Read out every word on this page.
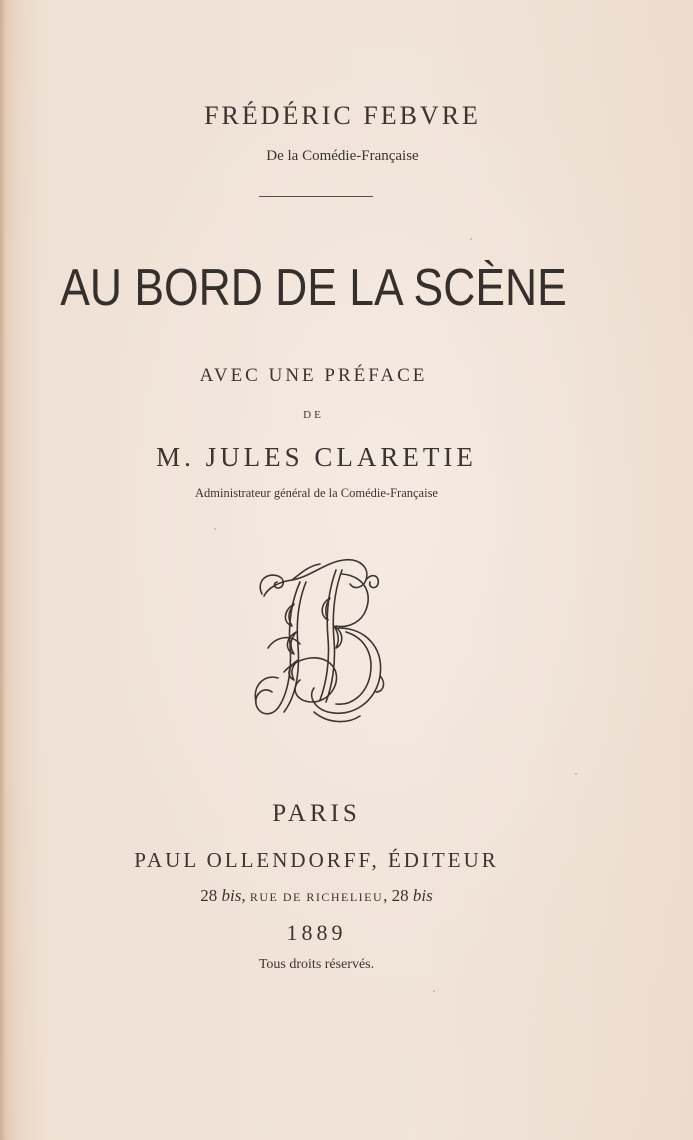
FRÉDÉRIC FEBVRE
De la Comédie-Française
AU BORD DE LA SCÈNE
AVEC UNE PRÉFACE
DE
M. JULES CLARETIE
Administrateur général de la Comédie-Française
PARIS
PAUL OLLENDORFF, ÉDITEUR
28 bis, RUE DE RICHELIEU, 28 bis
1889
Tous droits réservés.
